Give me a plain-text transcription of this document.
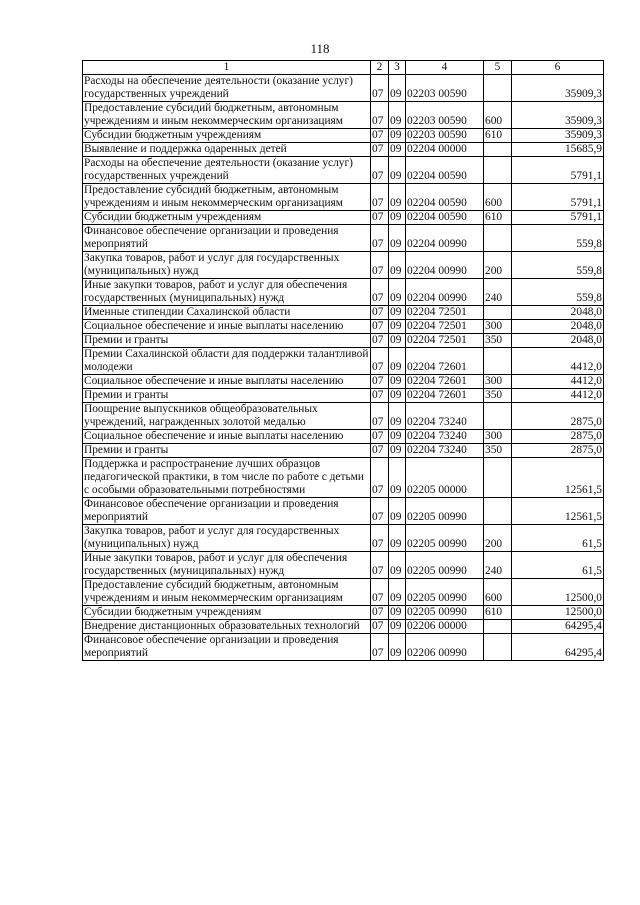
118
1	2	3	4	5	6
Расходы на обеспечение деятельности (оказание услуг) государственных учреждений	07	09	02203 00590		35909,3
Предоставление субсидий бюджетным, автономным учреждениям и иным некоммерческим организациям	07	09	02203 00590	600	35909,3
Субсидии бюджетным учреждениям	07	09	02203 00590	610	35909,3
Выявление и поддержка одаренных детей	07	09	02204 00000		15685,9
Расходы на обеспечение деятельности (оказание услуг) государственных учреждений	07	09	02204 00590		5791,1
Предоставление субсидий бюджетным, автономным учреждениям и иным некоммерческим организациям	07	09	02204 00590	600	5791,1
Субсидии бюджетным учреждениям	07	09	02204 00590	610	5791,1
Финансовое обеспечение организации и проведения мероприятий	07	09	02204 00990		559,8
Закупка товаров, работ и услуг для государственных (муниципальных) нужд	07	09	02204 00990	200	559,8
Иные закупки товаров, работ и услуг для обеспечения государственных (муниципальных) нужд	07	09	02204 00990	240	559,8
Именные стипендии Сахалинской области	07	09	02204 72501		2048,0
Социальное обеспечение и иные выплаты населению	07	09	02204 72501	300	2048,0
Премии и гранты	07	09	02204 72501	350	2048,0
Премии Сахалинской области для поддержки талантливой молодежи	07	09	02204 72601		4412,0
Социальное обеспечение и иные выплаты населению	07	09	02204 72601	300	4412,0
Премии и гранты	07	09	02204 72601	350	4412,0
Поощрение выпускников общеобразовательных учреждений, награжденных золотой медалью	07	09	02204 73240		2875,0
Социальное обеспечение и иные выплаты населению	07	09	02204 73240	300	2875,0
Премии и гранты	07	09	02204 73240	350	2875,0
Поддержка и распространение лучших образцов педагогической практики, в том числе по работе с детьми с особыми образовательными потребностями	07	09	02205 00000		12561,5
Финансовое обеспечение организации и проведения мероприятий	07	09	02205 00990		12561,5
Закупка товаров, работ и услуг для государственных (муниципальных) нужд	07	09	02205 00990	200	61,5
Иные закупки товаров, работ и услуг для обеспечения государственных (муниципальных) нужд	07	09	02205 00990	240	61,5
Предоставление субсидий бюджетным, автономным учреждениям и иным некоммерческим организациям	07	09	02205 00990	600	12500,0
Субсидии бюджетным учреждениям	07	09	02205 00990	610	12500,0
Внедрение дистанционных образовательных технологий	07	09	02206 00000		64295,4
Финансовое обеспечение организации и проведения мероприятий	07	09	02206 00990		64295,4
